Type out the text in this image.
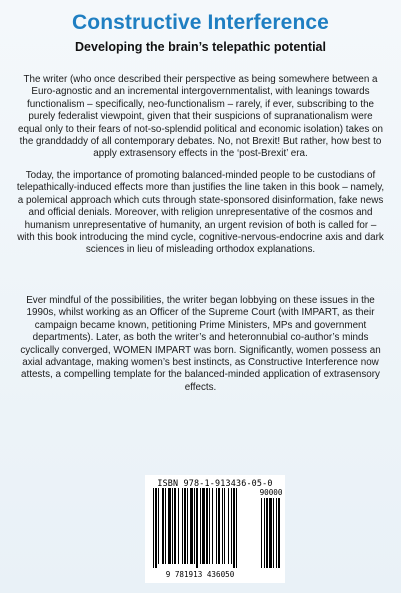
Constructive Interference
Developing the brain’s telepathic potential
The writer (who once described their perspective as being somewhere between a Euro-agnostic and an incremental intergovernmentalist, with leanings towards functionalism – specifically, neo-functionalism – rarely, if ever, subscribing to the purely federalist viewpoint, given that their suspicions of supranationalism were equal only to their fears of not-so-splendid political and economic isolation) takes on the granddaddy of all contemporary debates. No, not Brexit! But rather, how best to apply extrasensory effects in the ‘post-Brexit’ era.
Today, the importance of promoting balanced-minded people to be custodians of telepathically-induced effects more than justifies the line taken in this book – namely, a polemical approach which cuts through state-sponsored disinformation, fake news and official denials. Moreover, with religion unrepresentative of the cosmos and humanism unrepresentative of humanity, an urgent revision of both is called for – with this book introducing the mind cycle, cognitive-nervous-endocrine axis and dark sciences in lieu of misleading orthodox explanations.
Ever mindful of the possibilities, the writer began lobbying on these issues in the 1990s, whilst working as an Officer of the Supreme Court (with IMPART, as their campaign became known, petitioning Prime Ministers, MPs and government departments). Later, as both the writer’s and heteronnubial co-author’s minds cyclically converged, WOMEN IMPART was born. Significantly, women possess an axial advantage, making women’s best instincts, as Constructive Interference now attests, a compelling template for the balanced-minded application of extrasensory effects.
ISBN 978-1-913436-05-0
9 781913 436050
90000
